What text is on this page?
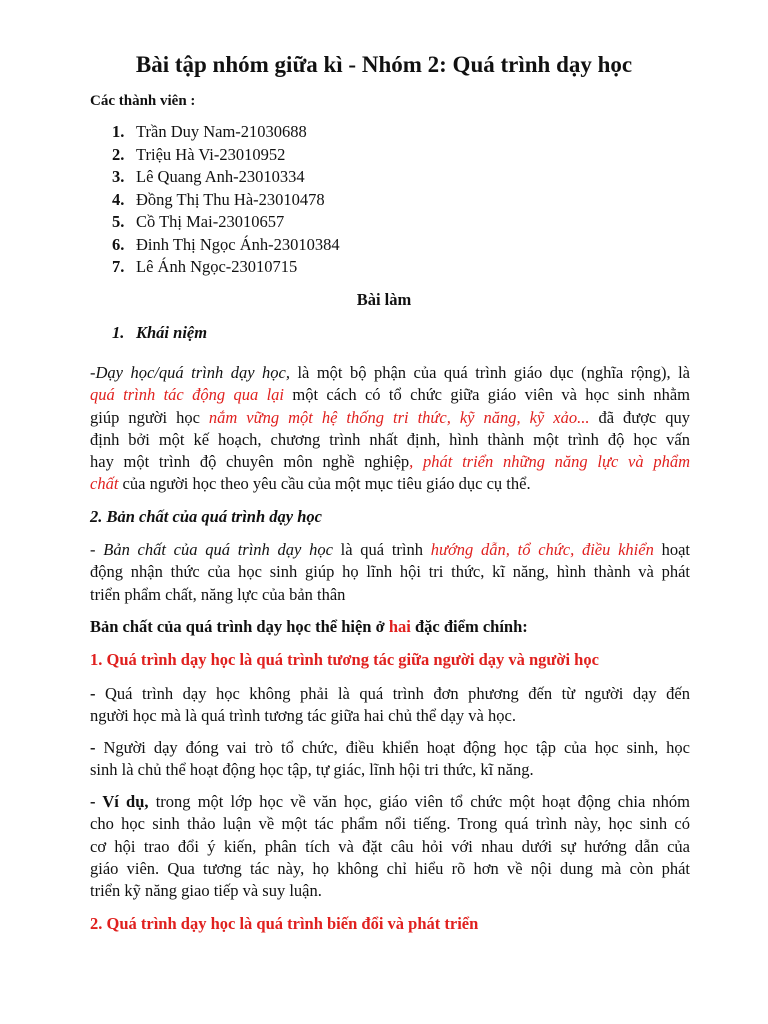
Bài tập nhóm giữa kì - Nhóm 2: Quá trình dạy học
Các thành viên :
1. Trần Duy Nam-21030688
2. Triệu Hà Vi-23010952
3. Lê Quang Anh-23010334
4. Đồng Thị Thu Hà-23010478
5. Cồ Thị Mai-23010657
6. Đinh Thị Ngọc Ánh-23010384
7. Lê Ánh Ngọc-23010715
Bài làm
1. Khái niệm
-Dạy học/quá trình dạy học, là một bộ phận của quá trình giáo dục (nghĩa rộng), là
quá trình tác động qua lại một cách có tổ chức giữa giáo viên và học sinh nhằm
giúp người học nắm vững một hệ thống tri thức, kỹ năng, kỹ xảo... đã được quy
định bởi một kế hoạch, chương trình nhất định, hình thành một trình độ học vấn
hay một trình độ chuyên môn nghề nghiệp, phát triển những năng lực và phẩm
chất của người học theo yêu cầu của một mục tiêu giáo dục cụ thể.
2. Bản chất của quá trình dạy học
- Bản chất của quá trình dạy học là quá trình hướng dẫn, tổ chức, điều khiển hoạt
động nhận thức của học sinh giúp họ lĩnh hội tri thức, kĩ năng, hình thành và phát
triển phẩm chất, năng lực của bản thân
Bản chất của quá trình dạy học thể hiện ở hai đặc điểm chính:
1. Quá trình dạy học là quá trình tương tác giữa người dạy và người học
- Quá trình dạy học không phải là quá trình đơn phương đến từ người dạy đến
người học mà là quá trình tương tác giữa hai chủ thể dạy và học.
- Người dạy đóng vai trò tổ chức, điều khiển hoạt động học tập của học sinh, học
sinh là chủ thể hoạt động học tập, tự giác, lĩnh hội tri thức, kĩ năng.
- Ví dụ, trong một lớp học về văn học, giáo viên tổ chức một hoạt động chia nhóm
cho học sinh thảo luận về một tác phẩm nổi tiếng. Trong quá trình này, học sinh có
cơ hội trao đổi ý kiến, phân tích và đặt câu hỏi với nhau dưới sự hướng dẫn của
giáo viên. Qua tương tác này, họ không chỉ hiểu rõ hơn về nội dung mà còn phát
triển kỹ năng giao tiếp và suy luận.
2. Quá trình dạy học là quá trình biến đổi và phát triển
